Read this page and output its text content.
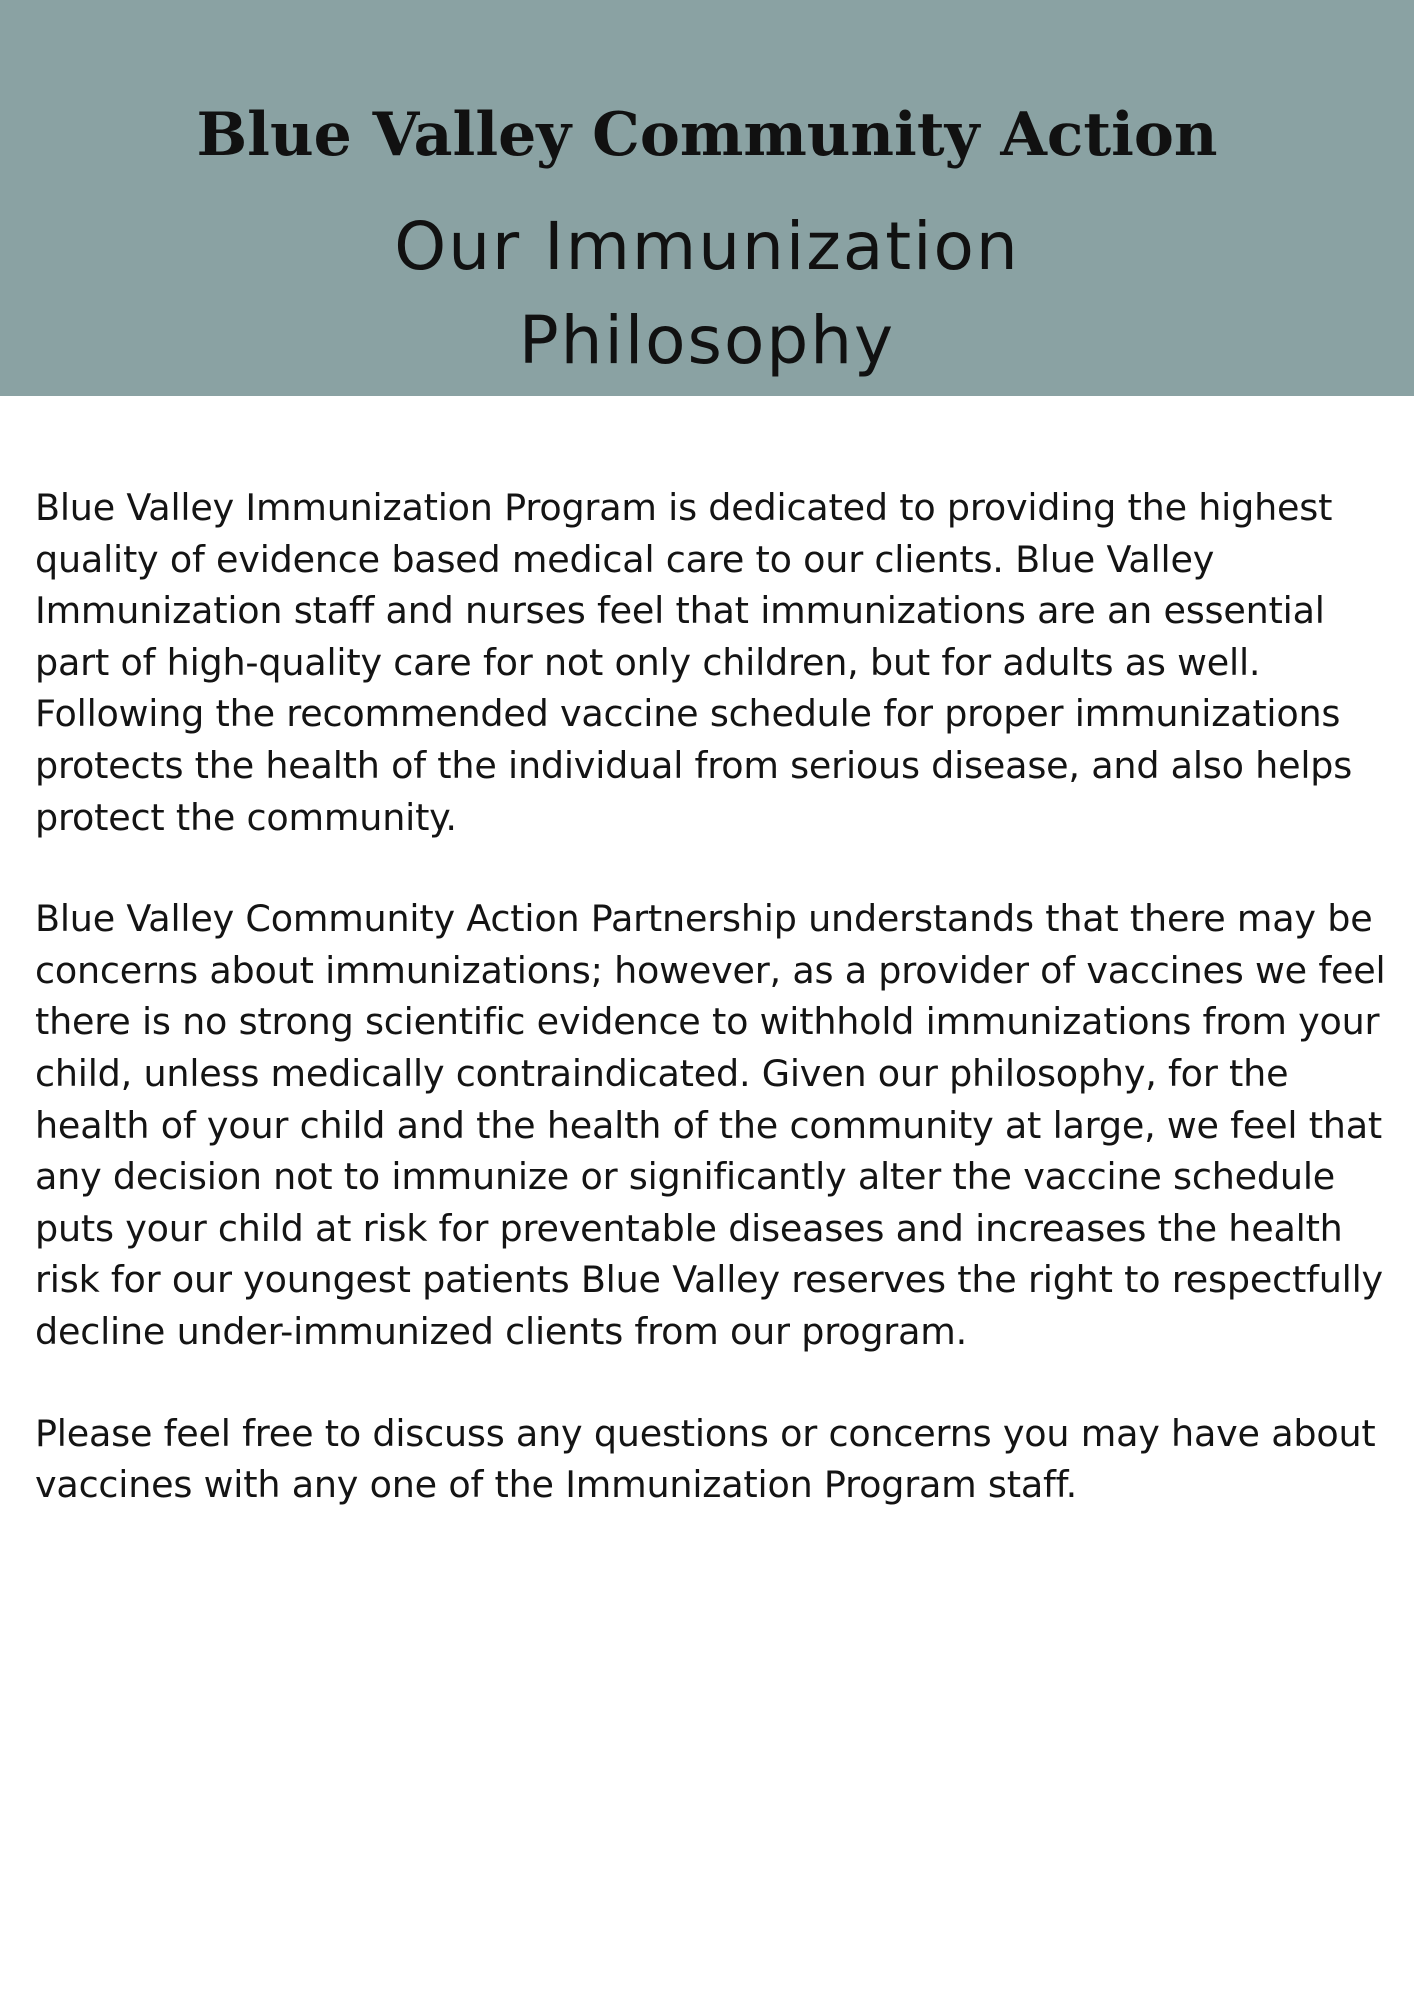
Blue Valley Community Action
Our Immunization
Philosophy

Blue Valley Immunization Program is dedicated to providing the highest quality of evidence based medical care to our clients. Blue Valley Immunization staff and nurses feel that immunizations are an essential part of high-quality care for not only children, but for adults as well. Following the recommended vaccine schedule for proper immunizations protects the health of the individual from serious disease, and also helps protect the community.

Blue Valley Community Action Partnership understands that there may be concerns about immunizations; however, as a provider of vaccines we feel there is no strong scientific evidence to withhold immunizations from your child, unless medically contraindicated. Given our philosophy, for the health of your child and the health of the community at large, we feel that any decision not to immunize or significantly alter the vaccine schedule puts your child at risk for preventable diseases and increases the health risk for our youngest patients Blue Valley reserves the right to respectfully decline under-immunized clients from our program.

Please feel free to discuss any questions or concerns you may have about vaccines with any one of the Immunization Program staff.
